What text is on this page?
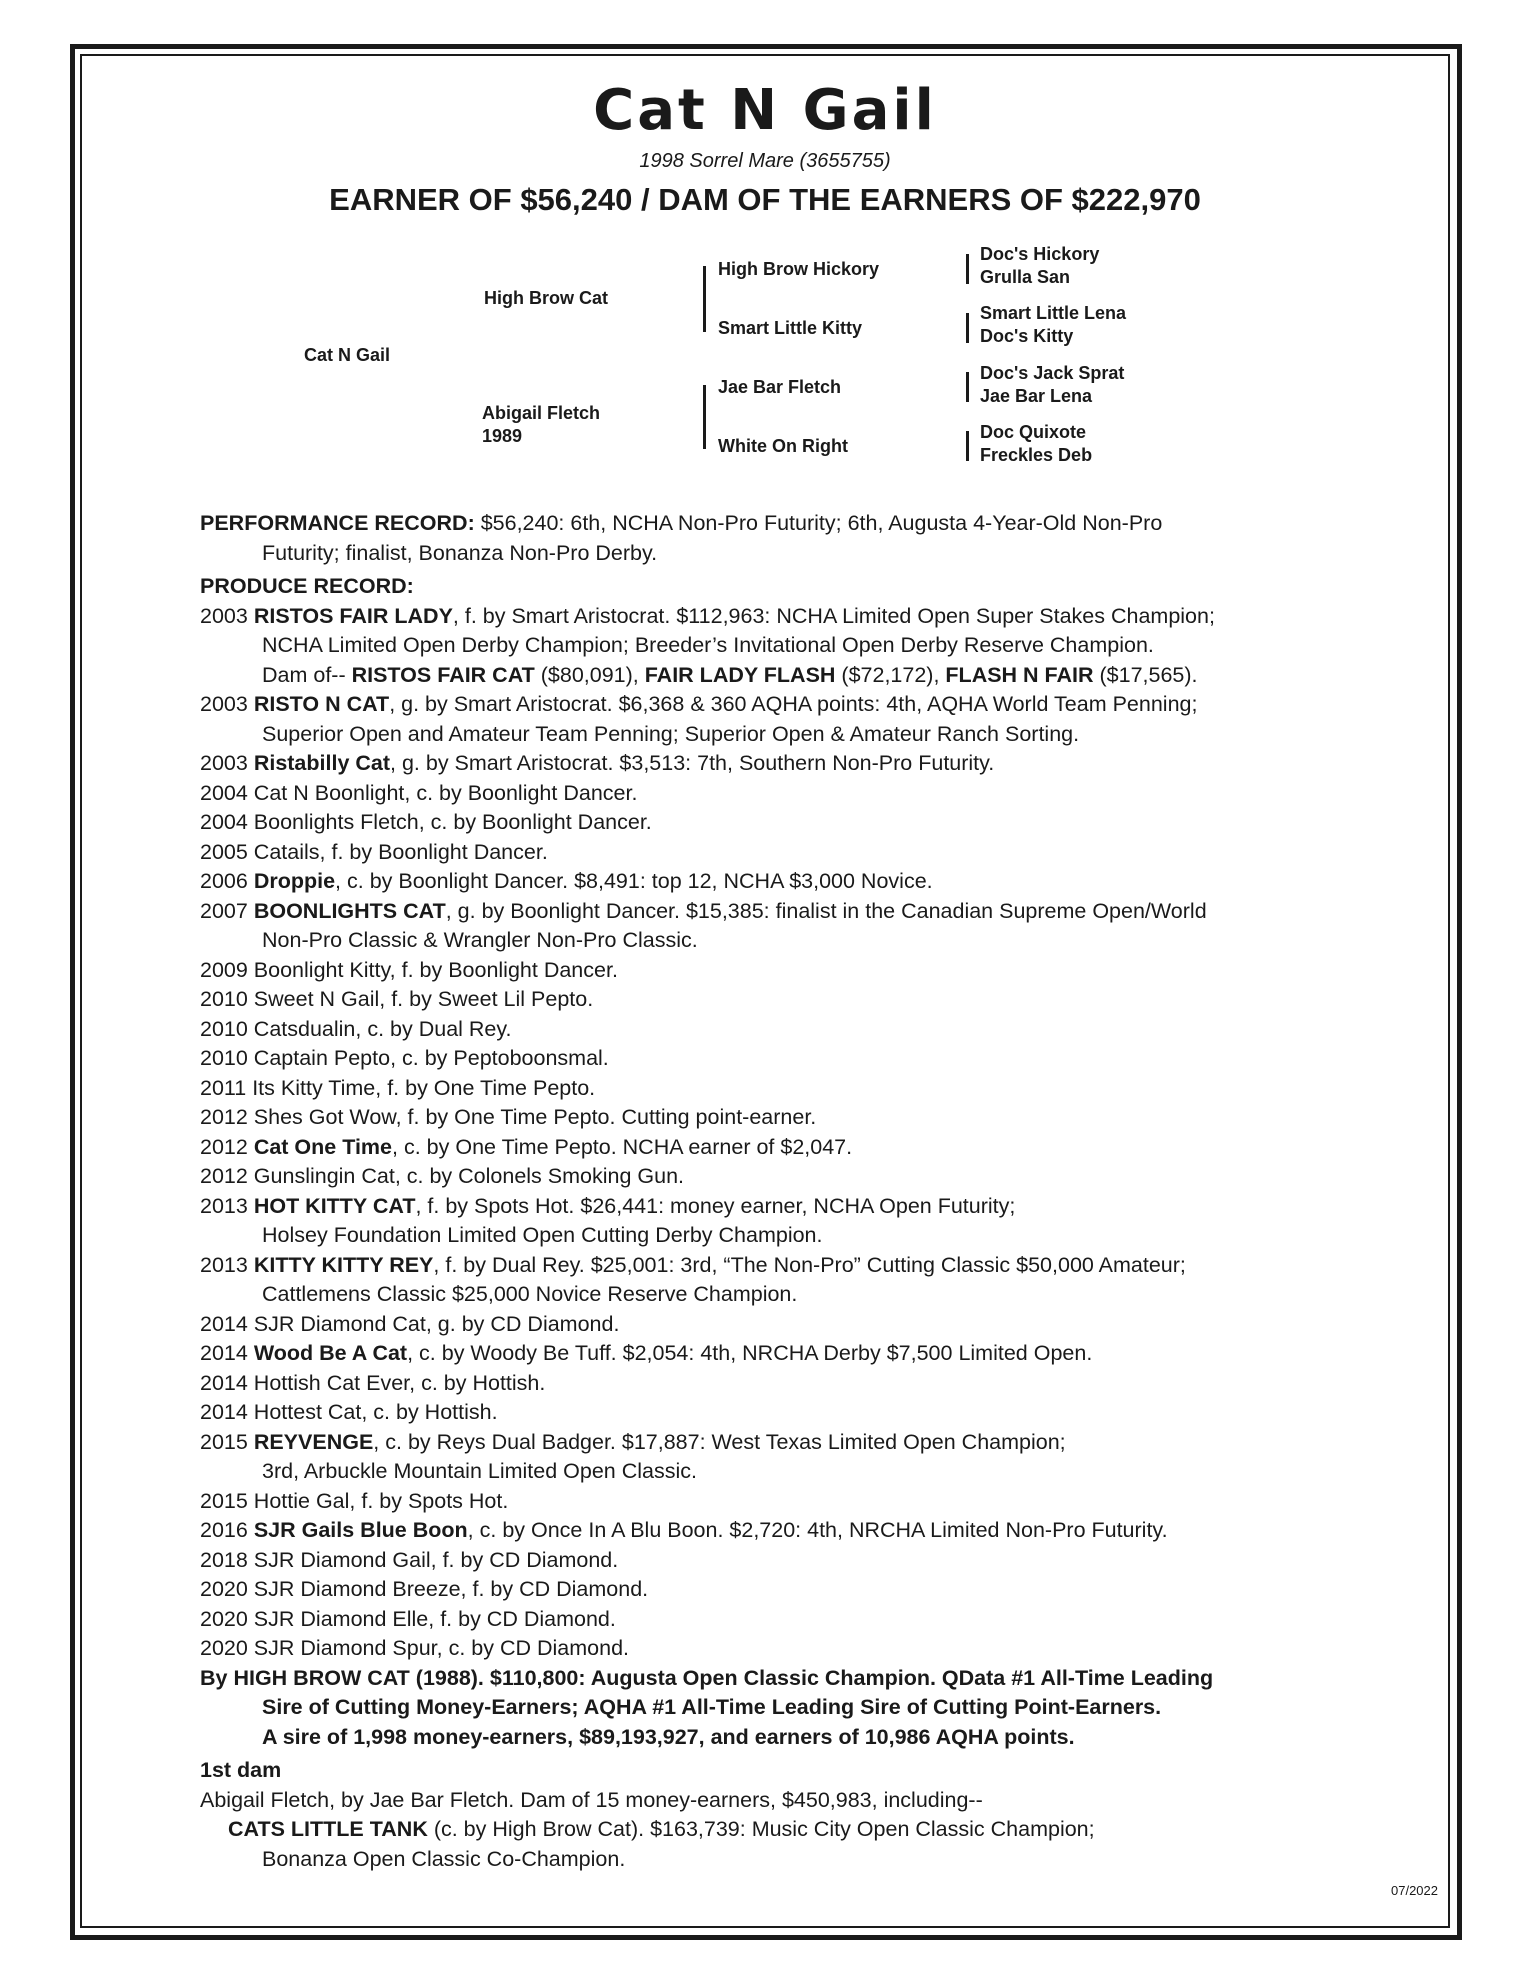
Cat N Gail
1998 Sorrel Mare (3655755)
EARNER OF $56,240 / DAM OF THE EARNERS OF $222,970
Cat N Gail
High Brow Cat
Abigail Fletch
1989
High Brow Hickory
Smart Little Kitty
Jae Bar Fletch
White On Right
Doc's Hickory
Grulla San
Smart Little Lena
Doc's Kitty
Doc's Jack Sprat
Jae Bar Lena
Doc Quixote
Freckles Deb
PERFORMANCE RECORD: $56,240: 6th, NCHA Non-Pro Futurity; 6th, Augusta 4-Year-Old Non-Pro
Futurity; finalist, Bonanza Non-Pro Derby.
PRODUCE RECORD:
2003 RISTOS FAIR LADY, f. by Smart Aristocrat. $112,963: NCHA Limited Open Super Stakes Champion;
NCHA Limited Open Derby Champion; Breeder’s Invitational Open Derby Reserve Champion.
Dam of-- RISTOS FAIR CAT ($80,091), FAIR LADY FLASH ($72,172), FLASH N FAIR ($17,565).
2003 RISTO N CAT, g. by Smart Aristocrat. $6,368 & 360 AQHA points: 4th, AQHA World Team Penning;
Superior Open and Amateur Team Penning; Superior Open & Amateur Ranch Sorting.
2003 Ristabilly Cat, g. by Smart Aristocrat. $3,513: 7th, Southern Non-Pro Futurity.
2004 Cat N Boonlight, c. by Boonlight Dancer.
2004 Boonlights Fletch, c. by Boonlight Dancer.
2005 Catails, f. by Boonlight Dancer.
2006 Droppie, c. by Boonlight Dancer. $8,491: top 12, NCHA $3,000 Novice.
2007 BOONLIGHTS CAT, g. by Boonlight Dancer. $15,385: finalist in the Canadian Supreme Open/World
Non-Pro Classic & Wrangler Non-Pro Classic.
2009 Boonlight Kitty, f. by Boonlight Dancer.
2010 Sweet N Gail, f. by Sweet Lil Pepto.
2010 Catsdualin, c. by Dual Rey.
2010 Captain Pepto, c. by Peptoboonsmal.
2011 Its Kitty Time, f. by One Time Pepto.
2012 Shes Got Wow, f. by One Time Pepto. Cutting point-earner.
2012 Cat One Time, c. by One Time Pepto. NCHA earner of $2,047.
2012 Gunslingin Cat, c. by Colonels Smoking Gun.
2013 HOT KITTY CAT, f. by Spots Hot. $26,441: money earner, NCHA Open Futurity;
Holsey Foundation Limited Open Cutting Derby Champion.
2013 KITTY KITTY REY, f. by Dual Rey. $25,001: 3rd, “The Non-Pro” Cutting Classic $50,000 Amateur;
Cattlemens Classic $25,000 Novice Reserve Champion.
2014 SJR Diamond Cat, g. by CD Diamond.
2014 Wood Be A Cat, c. by Woody Be Tuff. $2,054: 4th, NRCHA Derby $7,500 Limited Open.
2014 Hottish Cat Ever, c. by Hottish.
2014 Hottest Cat, c. by Hottish.
2015 REYVENGE, c. by Reys Dual Badger. $17,887: West Texas Limited Open Champion;
3rd, Arbuckle Mountain Limited Open Classic.
2015 Hottie Gal, f. by Spots Hot.
2016 SJR Gails Blue Boon, c. by Once In A Blu Boon. $2,720: 4th, NRCHA Limited Non-Pro Futurity.
2018 SJR Diamond Gail, f. by CD Diamond.
2020 SJR Diamond Breeze, f. by CD Diamond.
2020 SJR Diamond Elle, f. by CD Diamond.
2020 SJR Diamond Spur, c. by CD Diamond.
By HIGH BROW CAT (1988). $110,800: Augusta Open Classic Champion. QData #1 All-Time Leading
Sire of Cutting Money-Earners; AQHA #1 All-Time Leading Sire of Cutting Point-Earners.
A sire of 1,998 money-earners, $89,193,927, and earners of 10,986 AQHA points.
1st dam
Abigail Fletch, by Jae Bar Fletch. Dam of 15 money-earners, $450,983, including--
CATS LITTLE TANK (c. by High Brow Cat). $163,739: Music City Open Classic Champion;
Bonanza Open Classic Co-Champion.
07/2022
